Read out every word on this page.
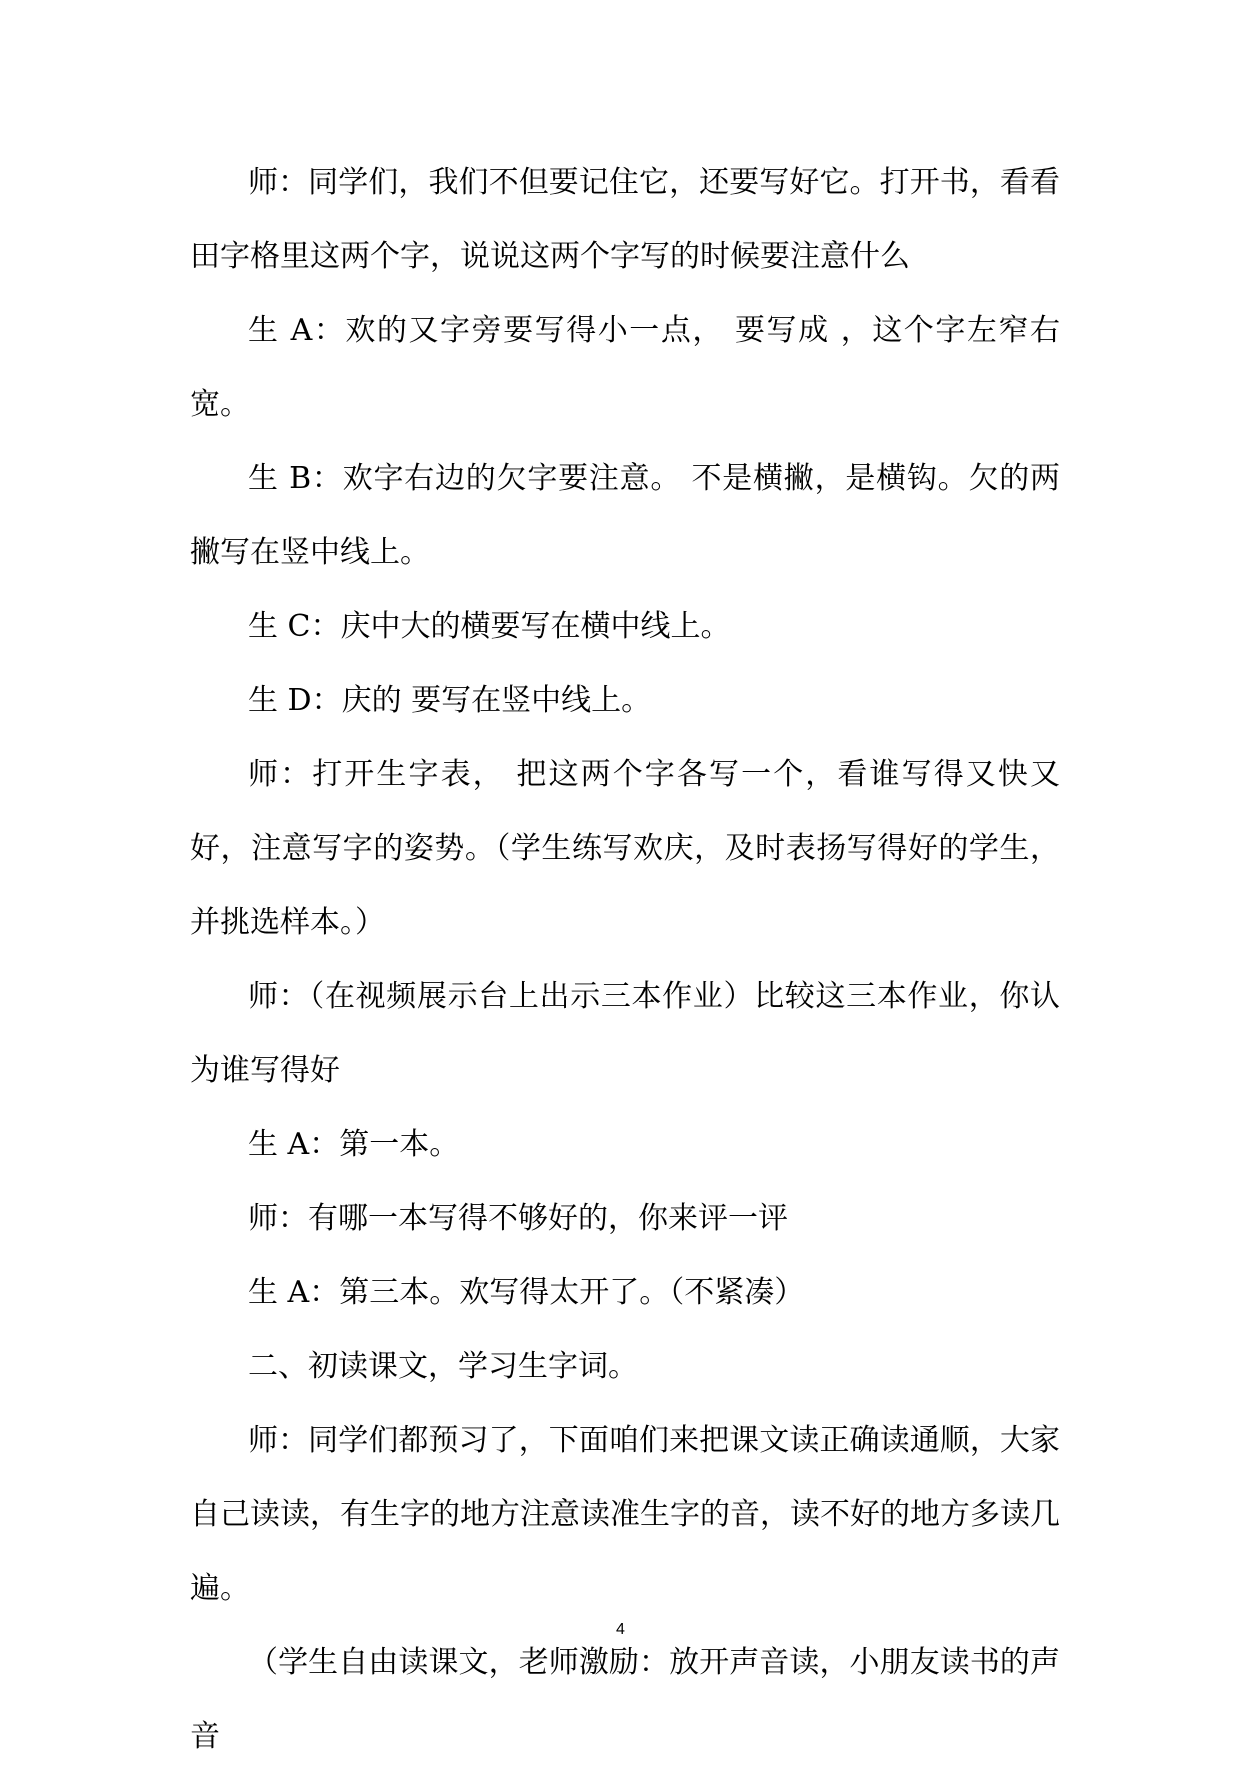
师：同学们，我们不但要记住它，还要写好它。打开书，看看田字格里这两个字，说说这两个字写的时候要注意什么

生 A：欢的又字旁要写得小一点， 要写成 ，这个字左窄右宽。

生 B：欢字右边的欠字要注意。 不是横撇，是横钩。欠的两撇写在竖中线上。

生 C：庆中大的横要写在横中线上。

生 D：庆的 要写在竖中线上。

师：打开生字表， 把这两个字各写一个，看谁写得又快又好，注意写字的姿势。（学生练写欢庆，及时表扬写得好的学生，并挑选样本。）

师：（在视频展示台上出示三本作业）比较这三本作业，你认为谁写得好

生 A：第一本。

师：有哪一本写得不够好的，你来评一评

生 A：第三本。欢写得太开了。（不紧凑）

二、初读课文，学习生字词。

师：同学们都预习了，下面咱们来把课文读正确读通顺，大家自己读读，有生字的地方注意读准生字的音，读不好的地方多读几遍。

（学生自由读课文，老师激励：放开声音读，小朋友读书的声音

4
